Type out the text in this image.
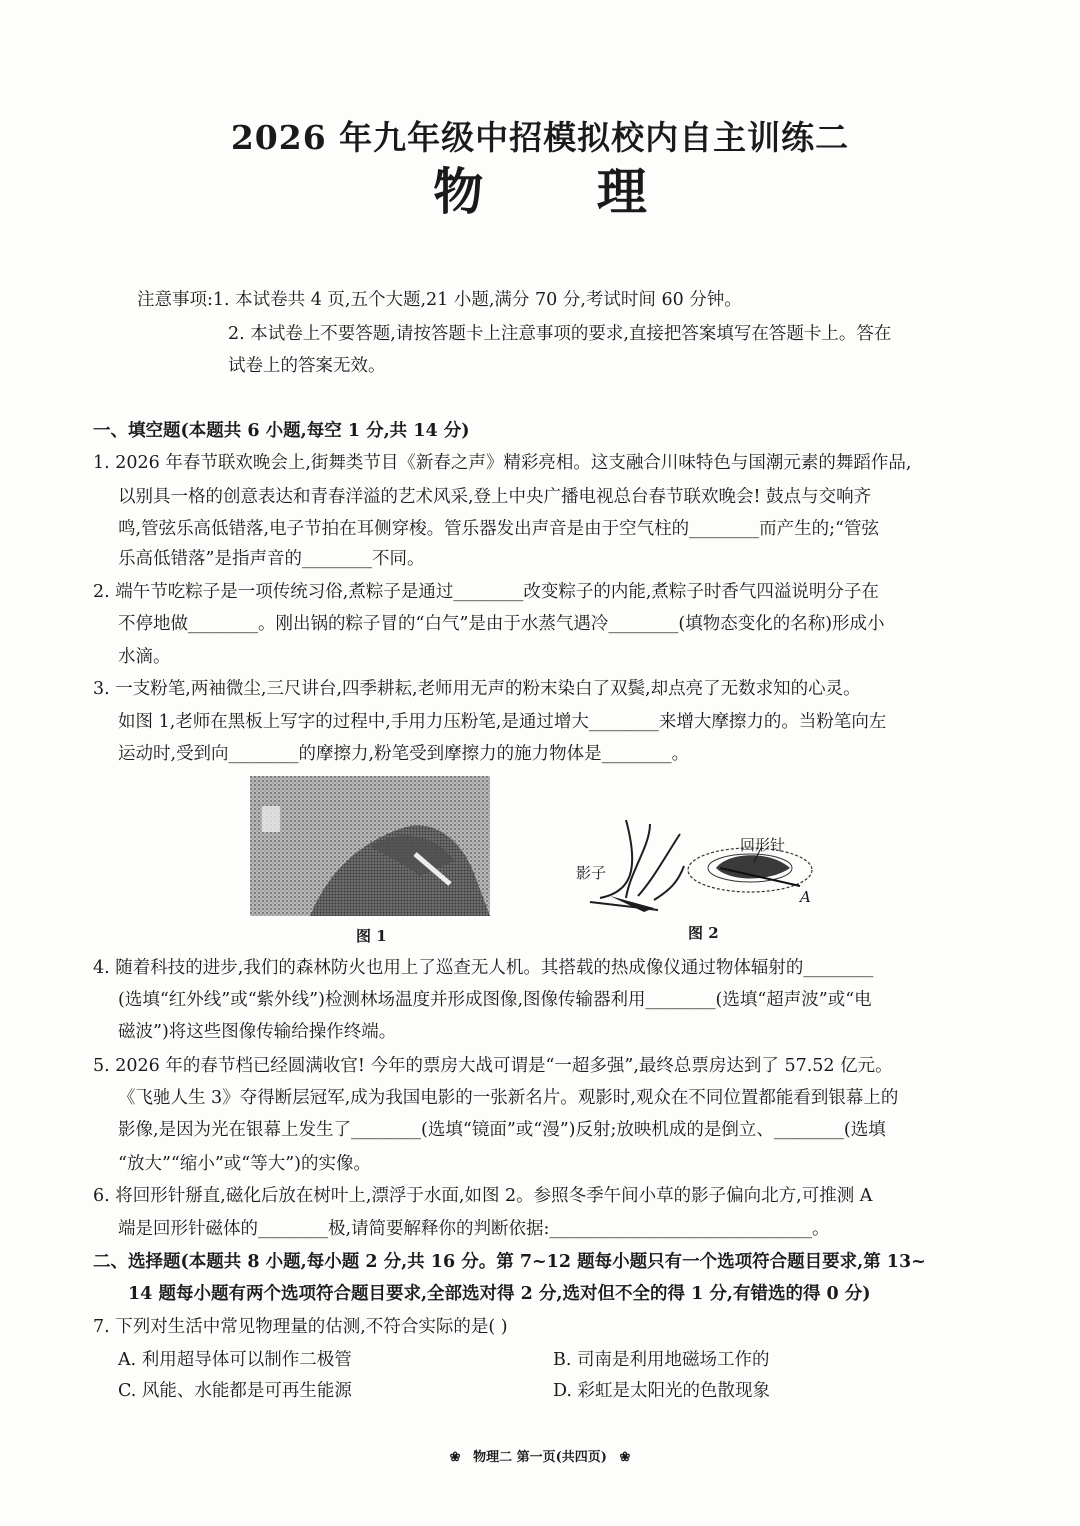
2026 年九年级中招模拟校内自主训练二
物 理
注意事项:1. 本试卷共 4 页,五个大题,21 小题,满分 70 分,考试时间 60 分钟。
2. 本试卷上不要答题,请按答题卡上注意事项的要求,直接把答案填写在答题卡上。答在
试卷上的答案无效。
一、填空题(本题共 6 小题,每空 1 分,共 14 分)
1. 2026 年春节联欢晚会上,街舞类节目《新春之声》精彩亮相。这支融合川味特色与国潮元素的舞蹈作品,
以别具一格的创意表达和青春洋溢的艺术风采,登上中央广播电视总台春节联欢晚会! 鼓点与交响齐
鸣,管弦乐高低错落,电子节拍在耳侧穿梭。管乐器发出声音是由于空气柱的________而产生的;“管弦
乐高低错落”是指声音的________不同。
2. 端午节吃粽子是一项传统习俗,煮粽子是通过________改变粽子的内能,煮粽子时香气四溢说明分子在
不停地做________。刚出锅的粽子冒的“白气”是由于水蒸气遇冷________(填物态变化的名称)形成小
水滴。
3. 一支粉笔,两袖微尘,三尺讲台,四季耕耘,老师用无声的粉末染白了双鬓,却点亮了无数求知的心灵。
如图 1,老师在黑板上写字的过程中,手用力压粉笔,是通过增大________来增大摩擦力的。当粉笔向左
运动时,受到向________的摩擦力,粉笔受到摩擦力的施力物体是________。
影子
回形针
A
图 1	图 2
4. 随着科技的进步,我们的森林防火也用上了巡查无人机。其搭载的热成像仪通过物体辐射的________
(选填“红外线”或“紫外线”)检测林场温度并形成图像,图像传输器利用________(选填“超声波”或“电
磁波”)将这些图像传输给操作终端。
5. 2026 年的春节档已经圆满收官! 今年的票房大战可谓是“一超多强”,最终总票房达到了 57.52 亿元。
《飞驰人生 3》夺得断层冠军,成为我国电影的一张新名片。观影时,观众在不同位置都能看到银幕上的
影像,是因为光在银幕上发生了________(选填“镜面”或“漫”)反射;放映机成的是倒立、________(选填
“放大”“缩小”或“等大”)的实像。
6. 将回形针掰直,磁化后放在树叶上,漂浮于水面,如图 2。参照冬季午间小草的影子偏向北方,可推测 A
端是回形针磁体的________极,请简要解释你的判断依据:______________________________。
二、选择题(本题共 8 小题,每小题 2 分,共 16 分。第 7~12 题每小题只有一个选项符合题目要求,第 13~
14 题每小题有两个选项符合题目要求,全部选对得 2 分,选对但不全的得 1 分,有错选的得 0 分)
7. 下列对生活中常见物理量的估测,不符合实际的是( )
A. 利用超导体可以制作二极管	B. 司南是利用地磁场工作的
C. 风能、水能都是可再生能源	D. 彩虹是太阳光的色散现象
❀ 物理二 第一页(共四页) ❀
